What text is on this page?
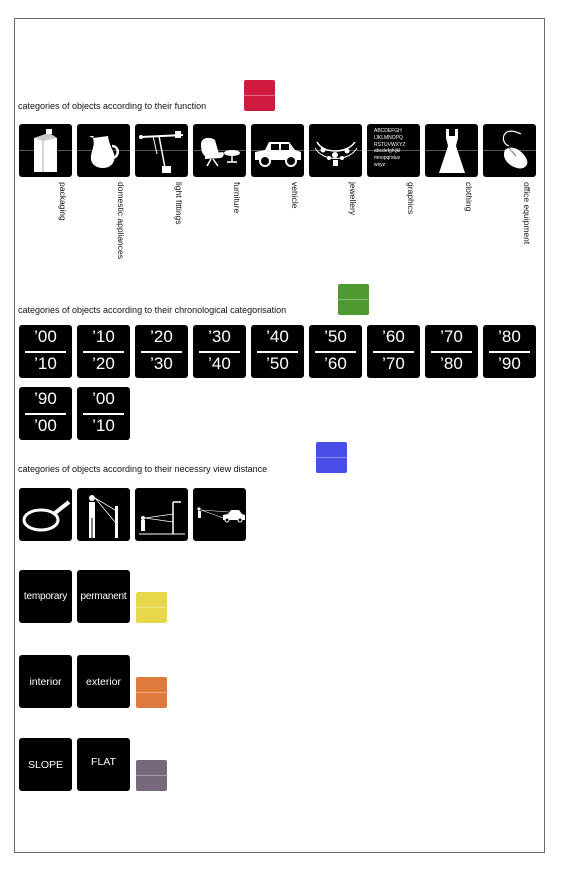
categories of objects according to their function
ABCDEFGH
IJKLMNOPQ
RSTUVWXYZ
abcdefghijkl
mnopqrstuv
wxyz
packaging	domestic appliances	light fittings	furniture	vehicle	jewellery	graphics	clothing	office equipment
categories of objects according to their chronological categorisation
’00
’10
’10
’20
’20
’30
’30
’40
’40
’50
’50
’60
’60
’70
’70
’80
’80
’90
’90
’00
’00
’10
categories of objects according to their necessry view distance
temporary	permanent
interior	exterior
SLOPE	FLAT
